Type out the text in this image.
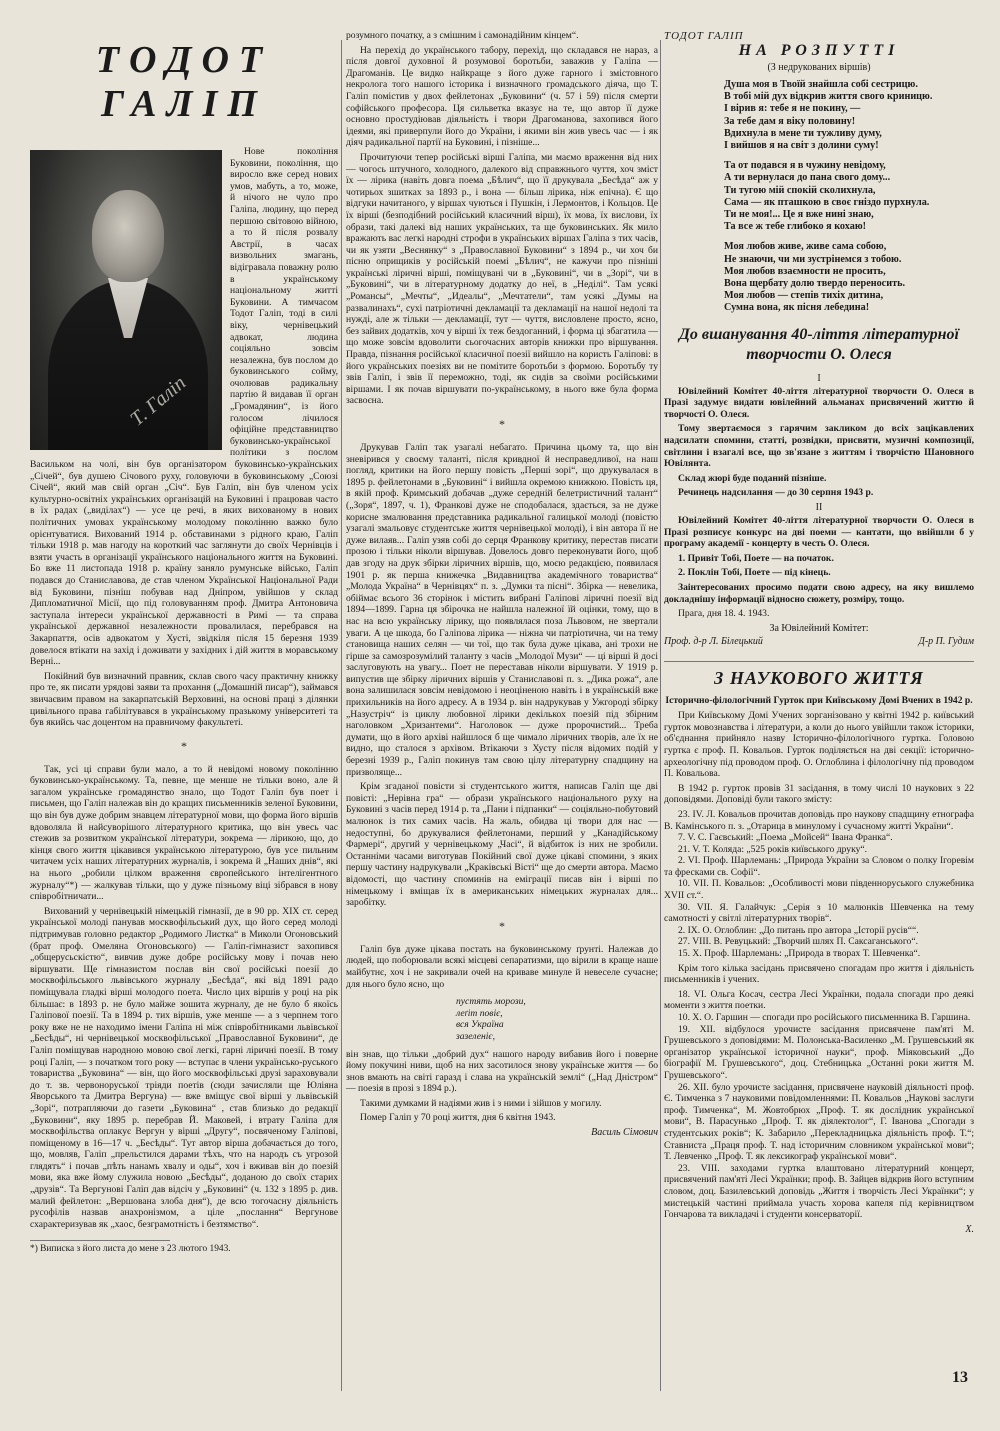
ТОДОТ ГАЛІП
Т. Галіп

Нове покоління Буковини, покоління, що виросло вже серед нових умов, мабуть, а то, може, й нічого не чуло про Галіпа, людину, що перед першою світовою війною, а то й після розвалу Австрії, в часах визвольних змагань, відігравала поважну ролю в українському національному житті Буковини. А тимчасом Тодот Галіп, тоді в силі віку, чернівецький адвокат, людина соціяльно зовсім незалежна, був послом до буковинського сойму, очолював радикальну партію й видавав її орган „Громадянин“, із його голосом лічилося офіційне представництво буковинсько-української політики з послом Васильком на чолі, він був організатором буковинсько-українських „Січей“, був душею Січового руху, головуючи в буковинському „Союзі Січей“, який мав свій орган „Січ“. Був Галіп, він був членом усіх культурно-освітніх українських організацій на Буковині і працював часто в їх радах („виділах“) — усе це речі, в яких вихованому в нових політичних умовах українському молодому поколінню важко було орієнтуватися. Вихований 1914 р. обставинами з рідного краю, Галіп тільки 1918 р. мав нагоду на короткий час заглянути до своїх Чернівців і взяти участь в організації українського національного життя на Буковині. Бо вже 11 листопада 1918 р. країну заняло румунське військо, Галіп подався до Станиславова, де став членом Української Національної Ради від Буковини, пізніш побував над Дніпром, увійшов у склад Дипломатичної Місії, що під головуванням проф. Дмитра Антоновича заступала інтереси української державності в Римі — та справа української державної незалежности провалилася, перебрався на Закарпаття, осів адвокатом у Хусті, звідкіля після 15 березня 1939 довелося втікати на захід і доживати у західних і дій життя в моравському Верні...

Покійний був визначний правник, склав свого часу практичну книжку про те, як писати урядові заяви та прохання („Домашній писар“), займався звичаєвим правом на закарпатській Верховині, на основі праці з ділянки цивільного права габілітувався в українському празькому університеті та був якийсь час доцентом на правничому факультеті.

*

Так, усі ці справи були мало, а то й невідомі новому поколінню буковинсько-українському. Та, певне, ще менше не тільки воно, але й загалом українське громадянство знало, що Тодот Галіп був поет і письмен, що Галіп належав він до кращих письменників зеленої Буковини, що він був дуже добрим знавцем літературної мови, що форма його віршів вдоволяла й найсуворішого літературного критика, що він увесь час стежив за розвитком української літератури, зокрема — лірикою, що, до кінця свого життя цікавився українською літературою, був усе пильним читачем усіх наших літературних журналів, і зокрема й „Наших днів“, які на нього „робили цілком враження європейського інтелігентного журналу“*) — жалкував тільки, що у дуже пізньому віці зібрався в нову співробітничати...

Вихований у чернівецькій німецькій гімназії, де в 90 рр. XIX ст. серед української молоді панував москвофільський дух, що його серед молоді підтримував головно редактор „Родимого Листка“ в Миколи Огоновський (брат проф. Омеляна Огоновського) — Галіп-гімназист захопився „общерусьскістю“, вивчив дуже добре російську мову і почав нею віршувати. Ще гімназистом послав він свої російські поезії до москвофільського львівського журналу „Бесѣда“, які від 1891 радо поміщувала гладкі вірші молодого поета. Число цих віршів у році на рік більшає: в 1893 р. не було майже зошита журналу, де не було б якоїсь Галіпової поезії. Та в 1894 р. тих віршів, уже менше — а з черпнем того року вже не не находимо імени Галіпа ні між співробітниками львівської „Бесѣды“, ні чернівецької москвофільської „Православної Буковини“, де Галіп поміщував народною мовою свої легкі, гарні ліричні поезії. В тому році Галіп, — з початком того року — вступає в члени українсько-руського товариства „Буковина“ — він, що його москвофільські друзі зараховували до т. зв. червоноруської тріяди поетів (сюди зачисляли ще Юліяна Яворського та Дмитра Вергуна) — вже вміщує свої вірші у львівській „Зорі“, потрапляючи до газети „Буковина“ , став близько до редакції „Буковини“, яку 1895 р. перебрав Й. Маковей, і втрату Галіпа для москвофільства оплакує Вергун у вірші „Другу“, посвяченому Галіпові, поміщеному в 16—17 ч. „Бесѣды“. Тут автор вірша добачається до того, що, мовляв, Галіп „прельстился дарами тѣхъ, что на народъ съ угрозой глядятъ“ і почав „пѣть нанамъ хвалу и оды“, хоч і вживав він до поезій мови, яка вже йому служила новою „Бесѣды“, доданою до своїх старих „друзів“. Та Вергунові Галіп дав відсіч у „Буковині“ (ч. 132 з 1895 р. див. малий фейлетон: „Вершована злоба дня“), де всю тогочасну діяльність русофілів назвав анахронізмом, а ціле „послання“ Вергунове схарактеризував як „хаос, безграмотність і безтямство“.

*) Виписка з його листа до мене з 23 лютого 1943.

розумного початку, а з смішним і самонадійним кінцем“.

На перехід до українського табору, перехід, що складався не нараз, а після довгої духовної й розумової боротьби, заважив у Галіпа — Драгоманів. Це видко найкраще з його дуже гарного і змістовного некролога того нашого історика і визначного громадського діяча, що Т. Галіп помістив у двох фейлетонах „Буковини“ (ч. 57 і 59) після смерти софійського професора. Ця сильветка вказує на те, що автор її дуже основно простудіював діяльність і твори Драгоманова, захопився його ідеями, які приверпули його до України, і якими він жив увесь час — і як діяч радикальної партії на Буковині, і пізніше...

Прочитуючи тепер російські вірші Галіпа, ми маємо враження від них — чогось штучного, холодного, далекого від справжнього чуття, хоч зміст їх — лірика (навіть довга поема „Бѣлич“, що її друкувала „Бесѣда“ аж у чотирьох зшитках за 1893 р., і вона — більш лірика, ніж епічна). Є що відгуки начитаного, у віршах чуються і Пушкін, і Лермонтов, і Кольцов. Це їх вірші (безподібний російський класичний вірш), їх мова, їх вислови, їх образи, такі далекі від наших українських, та ще буковинських. Як мило вражають вас легкі народні строфи в українських віршах Галіпа з тих часів, чи як узяти „Веснянку“ з „Православної Буковини“ з 1894 р., чи хоч би пісню оприщиків у російській поемі „Бѣлич“, не кажучи про пізніші українські ліричні вірші, поміщувані чи в „Буковині“, чи в „Зорі“, чи в „Буковині“, чи в літературному додатку до неї, в „Неділі“. Там усякі „Романсы“, „Мечты“, „Идеалы“, „Мечтатели“, там усякі „Думы на развалинахъ“, сухі патріотичні декламації та декламації на нашої недолі та нужді, але ж тільки — декламації, тут — чуття, висловлене просто, ясно, без зайвих додатків, хоч у вірші їх теж бездоганний, і форма ці збагатила — що може зовсім вдоволити сьогочасних авторів книжки про віршування. Правда, пізнання російської класичної поезії вийшло на користь Галіпові: в його українських поезіях ви не помітите боротьби з формою. Боротьбу ту звів Галіп, і звів її переможно, тоді, як сидів за своїми російськими віршами. І як почав віршувати по-українському, в нього вже була форма засвоєна.

*

Друкував Галіп так узагалі небагато. Причина цьому та, що він зневірився у своєму таланті, після кривдної й несправедливої, на наш погляд, критики на його першу повість „Перші зорі“, що друкувалася в 1895 р. фейлетонами в „Буковині“ і вийшла окремою книжкою. Повість ця, в якій проф. Кримський добачав „дуже середній белетристичний талант“ („Зоря“, 1897, ч. 1), Франкові дуже не сподобалася, здається, за не дуже корисне змалювання представника радикальної галицької молоді (повістю узагалі змальовує студентське життя чернівецької молоді), і він автора її не дуже вилаяв... Галіп узяв собі до серця Франкову критику, перестав писати прозою і тільки ніколи віршував. Довелось довго переконувати його, щоб дав згоду на друк збірки ліричних віршів, що, моєю редакцією, появилася 1901 р. як перша книжечка „Видавництва академічного товариства“ „Молода Україна“ в Чернівцях“ п. з. „Думки та пісні“. Збірка — невелика, обіймає всього 36 сторінок і містить вибрані Галіпові ліричні поезії від 1894—1899. Гарна ця збірочка не найшла належної їй оцінки, тому, що в нас на всю українську лірику, що появлялася поза Львовом, не звертали уваги. А це шкода, бо Галіпова лірика — ніжна чи патріотична, чи на тему становища наших селян — чи тої, що так була дуже цікава, ані трохи не гірше за самозрозумілий таланту з часів „Молодої Музи“ — ці вірші й досі заслуговують на увагу... Поет не переставав ніколи віршувати. У 1919 р. випустив ще збірку ліричних віршів у Станиславові п. з. „Дика рожа“, але вона залишилася зовсім невідомою і неоціненою навіть і в українській вже прихильників на його адресу. А в 1934 р. він надрукував у Ужгороді збірку „Назустріч“ із циклу любовної лірики декількох поезій під збірним наголовком „Хризантеми“. Наголовок — дуже пророчистий... Треба думати, що в його архіві найшлося б ще чимало ліричних творів, але їх не видно, що сталося з архівом. Втікаючи з Хусту після відомих подій у березні 1939 р., Галіп покинув там свою цілу літературну спадщину на призволяще...

Крім згаданої повісти зі студентського життя, написав Галіп ще дві повісті: „Нерівна гра“ — образи українського національного руху на Буковині з часів перед 1914 р. та „Пани і підпанки“ — соціяльно-побутовий малюнок із тих самих часів. На жаль, обидва ці твори для нас — недоступні, бо друкувалися фейлетонами, перший у „Канадійському Фармері“, другий у чернівецькому „Часі“, й відбиток із них не зробили. Останніми часами виготував Покійний свої дуже цікаві спомини, з яких першу частину надрукували „Краківські Вісті“ ще до смерти автора. Маємо відомості, що частину споминів на еміграції писав він і вірші по німецькому і вміщав їх в американських німецьких журналах для... заробітку.

*

Галіп був дуже цікава постать на буковинському ґрунті. Належав до людей, що поборювали всякі місцеві сепаратизми, що вірили в краще наше майбутнє, хоч і не закривали очей на криваве минуле й невеселе сучасне; для нього було ясно, що

пустять морози,
леґіт повіє,
вся Україна
зазеленіє,

він знав, що тільки „добрий дух“ нашого народу вибавив його і поверне йому покучині ниви, щоб на них засотилося знову українське життя — бо знов вмають на світі гаразд і слава на українській землі“ („Над Дністром“ — поезія в прозі з 1894 р.).

Такими думками й надіями жив і з ними і зійшов у могилу.

Помер Галіп у 70 році життя, дня 6 квітня 1943.

Василь Сімович
ТОДОТ ГАЛІП
НА РОЗПУТТІ
(З недрукованих віршів)
Душа моя в Твоїй знайшла собі сестрицю.
В тобі мій дух відкрив життя свого криницю.
І вірив я: тебе я не покину, —
За тебе дам я віку половину!
Вдихнула в мене ти тужливу думу,
І вийшов я на світ з долини суму!
Та от подався я в чужину невідому,
А ти вернулася до пана свого дому...
Ти тугою мій спокій сколихнула,
Сама — як пташкою в своє гніздо пурхнула.
Ти не моя!... Це я вже нині знаю,
Та все ж тебе глибоко я кохаю!
Моя любов живе, живе сама собою,
Не знаючи, чи ми зустрінемся з тобою.
Моя любов взаємности не просить,
Вона щербату долю твердо переносить.
Моя любов — степів тихіх дитина,
Сумна вона, як пісня лебедина!
До вшанування 40-ліття літературної творчости О. Олеся
І

Ювілейний Комітет 40-ліття літературної творчости О. Олеся в Празі задумує видати ювілейний альманах присвячений життю й творчості О. Олеся.

Тому звертаємося з гарячим закликом до всіх зацікавлених надсилати спомини, статті, розвідки, присвяти, музичні композиції, світлини і взагалі все, що зв'язане з життям і творчістю Шановного Ювілянта.

Склад жюрі буде поданий пізніше.

Речинець надсилання — до 30 серпня 1943 р.

ІІ

Ювілейний Комітет 40-ліття літературної творчости О. Олеся в Празі розписує конкурс на дві поеми — кантати, що ввійшли б у програму академії - концерту в честь О. Олеся.

1. Привіт Тобі, Поете — на початок.

2. Поклін Тобі, Поете — під кінець.

Заінтересованих просимо подати свою адресу, на яку вишлемо докладнішу інформації відносно сюжету, розміру, тощо.

Прага, дня 18. 4. 1943.

За Ювілейний Комітет:
Проф. д-р Л. Білецький	Д-р П. Гудим
З НАУКОВОГО ЖИТТЯ
Історично-філологічний Гурток при Київському Домі Вчених в 1942 р.

При Київському Домі Учених зорганізовано у квітні 1942 р. київський гурток мовознавства і літератури, а коли до нього увійшли також історики, об'єднання прийняло назву Історично-філологічного гуртка. Головою гуртка є проф. П. Ковальов. Гурток поділяється на дві секції: історично-археологічну під проводом проф. О. Оглоблина і філологічну під проводом П. Ковальова.

В 1942 р. гурток провів 31 засідання, в тому числі 10 наукових з 22 доповідями. Доповіді були такого змісту:

23. IV. Л. Ковальов прочитав доповідь про наукову спадщину етнографа В. Камінського п. з. „Отарица в минулому і сучасному житті України“.
7. V. С. Гаєвський: „Поема „Мойсей“ Івана Франка“.
21. V. Т. Коляда: „525 років київського друку“.
2. VI. Проф. Шарлемань: „Природа України за Словом о полку Ігоревім та фресками св. Софії“.
10. VII. П. Ковальов: „Особливості мови південноруського служебника XVII ст.“.
30. VII. Я. Галайчук: „Серія з 10 малюнків Шевченка на тему самотності у світлі літературних творів“.
2. IX. О. Оглоблин: „До питань про автора „Історії русів““.
27. VIII. В. Ревуцький: „Творчий шлях П. Саксаганського“.
15. X. Проф. Шарлемань: „Природа в творах Т. Шевченка“.

Крім того кілька засідань присвячено спогадам про життя і діяльність письменників і учених.

18. VI. Ольга Косач, сестра Лесі Українки, подала спогади про деякі моменти з життя поетки.
10. X. О. Гаршин — спогади про російського письменника В. Гаршина.
19. XII. відбулося урочисте засідання присвячене пам'яті М. Грушевського з доповідями: М. Полонська-Василенко „М. Грушевський як організатор української історичної науки“, проф. Міяковський „До біографії М. Грушевського“, доц. Стебницька „Останні роки життя М. Грушевського“.
26. XII. було урочисте засідання, присвячене науковій діяльності проф. Є. Тимченка з 7 науковими повідомленнями: П. Ковальов „Наукові заслуги проф. Тимченка“, М. Жовтобрюх „Проф. Т. як дослідник української мови“, В. Парасунько „Проф. Т. як діялектолог“, Г. Іванова „Спогади з студентських років“; К. Забарило „Перекладницька діяльність проф. Т.“; Ставниста „Праця проф. Т. над історичним словником української мови“; Т. Левченко „Проф. Т. як лексикограф української мови“.
23. VIII. заходами гуртка влаштовано літературний концерт, присвячений пам'яті Лесі Українки; проф. В. Зайцев відкрив його вступним словом, доц. Базилевський доповідь „Життя і творчість Лесі Українки“; у мистецькій частині приймала участь хорова капеля під керівництвом Гончарова та викладачі і студенти консерваторії.
Х.
13
